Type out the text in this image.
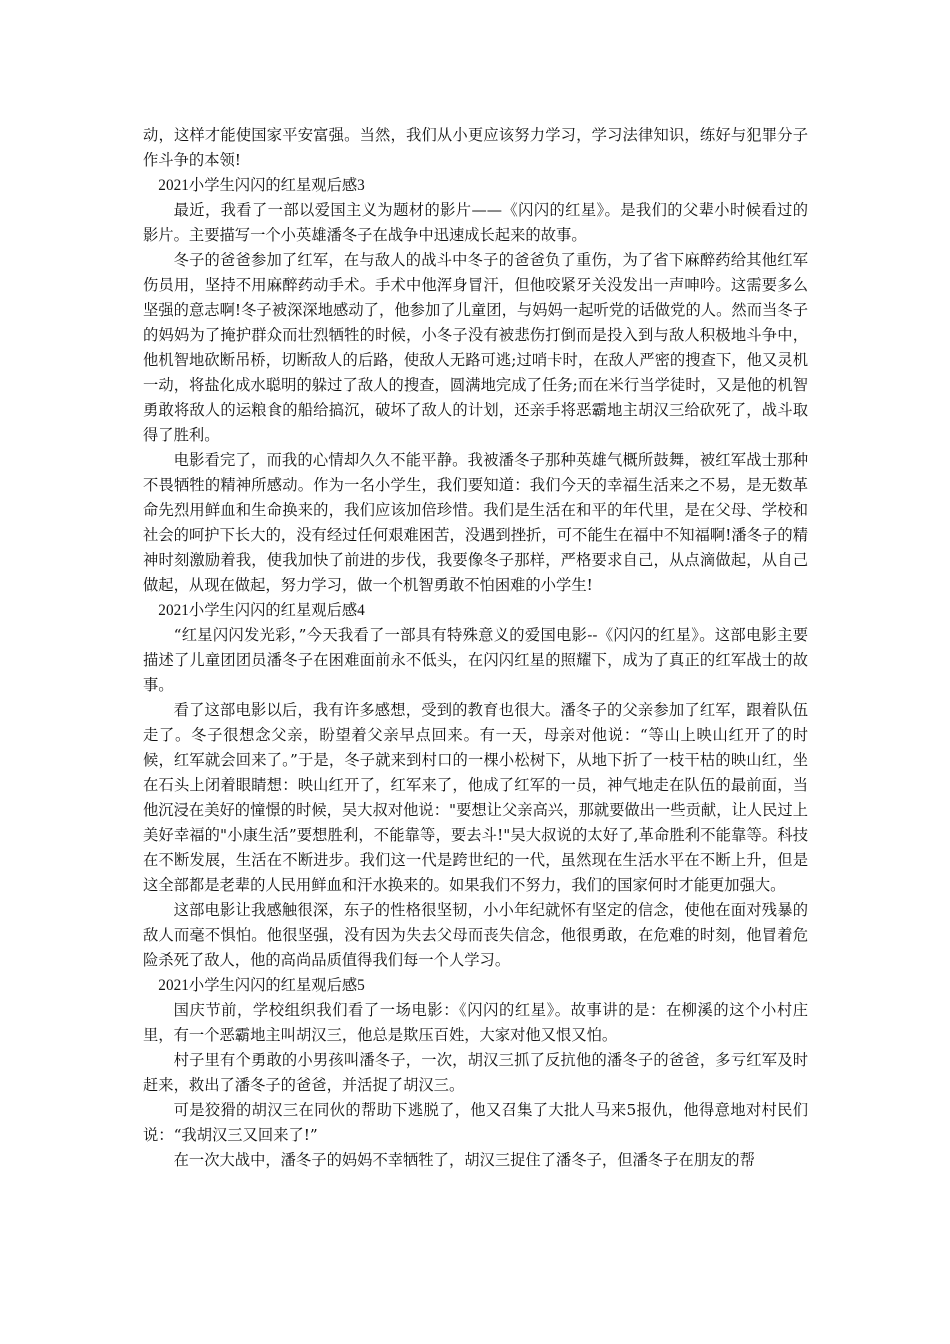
动，这样才能使国家平安富强。当然，我们从小更应该努力学习，学习法律知识，练好与犯罪分子作斗争的本领!

2021小学生闪闪的红星观后感3

最近，我看了一部以爱国主义为题材的影片——《闪闪的红星》。是我们的父辈小时候看过的影片。主要描写一个小英雄潘冬子在战争中迅速成长起来的故事。

冬子的爸爸参加了红军，在与敌人的战斗中冬子的爸爸负了重伤，为了省下麻醉药给其他红军伤员用，坚持不用麻醉药动手术。手术中他浑身冒汗，但他咬紧牙关没发出一声呻吟。这需要多么坚强的意志啊!冬子被深深地感动了，他参加了儿童团，与妈妈一起听党的话做党的人。然而当冬子的妈妈为了掩护群众而壮烈牺牲的时候，小冬子没有被悲伤打倒而是投入到与敌人积极地斗争中，他机智地砍断吊桥，切断敌人的后路，使敌人无路可逃;过哨卡时，在敌人严密的搜查下，他又灵机一动，将盐化成水聪明的躲过了敌人的搜查，圆满地完成了任务;而在米行当学徒时，又是他的机智勇敢将敌人的运粮食的船给搞沉，破坏了敌人的计划，还亲手将恶霸地主胡汉三给砍死了，战斗取得了胜利。

电影看完了，而我的心情却久久不能平静。我被潘冬子那种英雄气概所鼓舞，被红军战士那种不畏牺牲的精神所感动。作为一名小学生，我们要知道：我们今天的幸福生活来之不易，是无数革命先烈用鲜血和生命换来的，我们应该加倍珍惜。我们是生活在和平的年代里，是在父母、学校和社会的呵护下长大的，没有经过任何艰难困苦，没遇到挫折，可不能生在福中不知福啊!潘冬子的精神时刻激励着我，使我加快了前进的步伐，我要像冬子那样，严格要求自己，从点滴做起，从自己做起，从现在做起，努力学习，做一个机智勇敢不怕困难的小学生!

2021小学生闪闪的红星观后感4

“红星闪闪发光彩，”今天我看了一部具有特殊意义的爱国电影--《闪闪的红星》。这部电影主要描述了儿童团团员潘冬子在困难面前永不低头，在闪闪红星的照耀下，成为了真正的红军战士的故事。

看了这部电影以后，我有许多感想，受到的教育也很大。潘冬子的父亲参加了红军，跟着队伍走了。冬子很想念父亲，盼望着父亲早点回来。有一天，母亲对他说：“等山上映山红开了的时候，红军就会回来了。”于是，冬子就来到村口的一棵小松树下，从地下折了一枝干枯的映山红，坐在石头上闭着眼睛想：映山红开了，红军来了，他成了红军的一员，神气地走在队伍的最前面，当他沉浸在美好的憧憬的时候，吴大叔对他说："要想让父亲高兴，那就要做出一些贡献，让人民过上美好幸福的"小康生活”要想胜利，不能靠等，要去斗!"吴大叔说的太好了,革命胜利不能靠等。科技在不断发展，生活在不断进步。我们这一代是跨世纪的一代，虽然现在生活水平在不断上升，但是这全部都是老辈的人民用鲜血和汗水换来的。如果我们不努力，我们的国家何时才能更加强大。

这部电影让我感触很深，东子的性格很坚韧，小小年纪就怀有坚定的信念，使他在面对残暴的敌人而毫不惧怕。他很坚强，没有因为失去父母而丧失信念，他很勇敢，在危难的时刻，他冒着危险杀死了敌人，他的高尚品质值得我们每一个人学习。

2021小学生闪闪的红星观后感5

国庆节前，学校组织我们看了一场电影：《闪闪的红星》。故事讲的是：在柳溪的这个小村庄里，有一个恶霸地主叫胡汉三，他总是欺压百姓，大家对他又恨又怕。

村子里有个勇敢的小男孩叫潘冬子，一次，胡汉三抓了反抗他的潘冬子的爸爸，多亏红军及时赶来，救出了潘冬子的爸爸，并活捉了胡汉三。

可是狡猾的胡汉三在同伙的帮助下逃脱了，他又召集了大批人马来5报仇，他得意地对村民们说：“我胡汉三又回来了!”

在一次大战中，潘冬子的妈妈不幸牺牲了，胡汉三捉住了潘冬子，但潘冬子在朋友的帮
